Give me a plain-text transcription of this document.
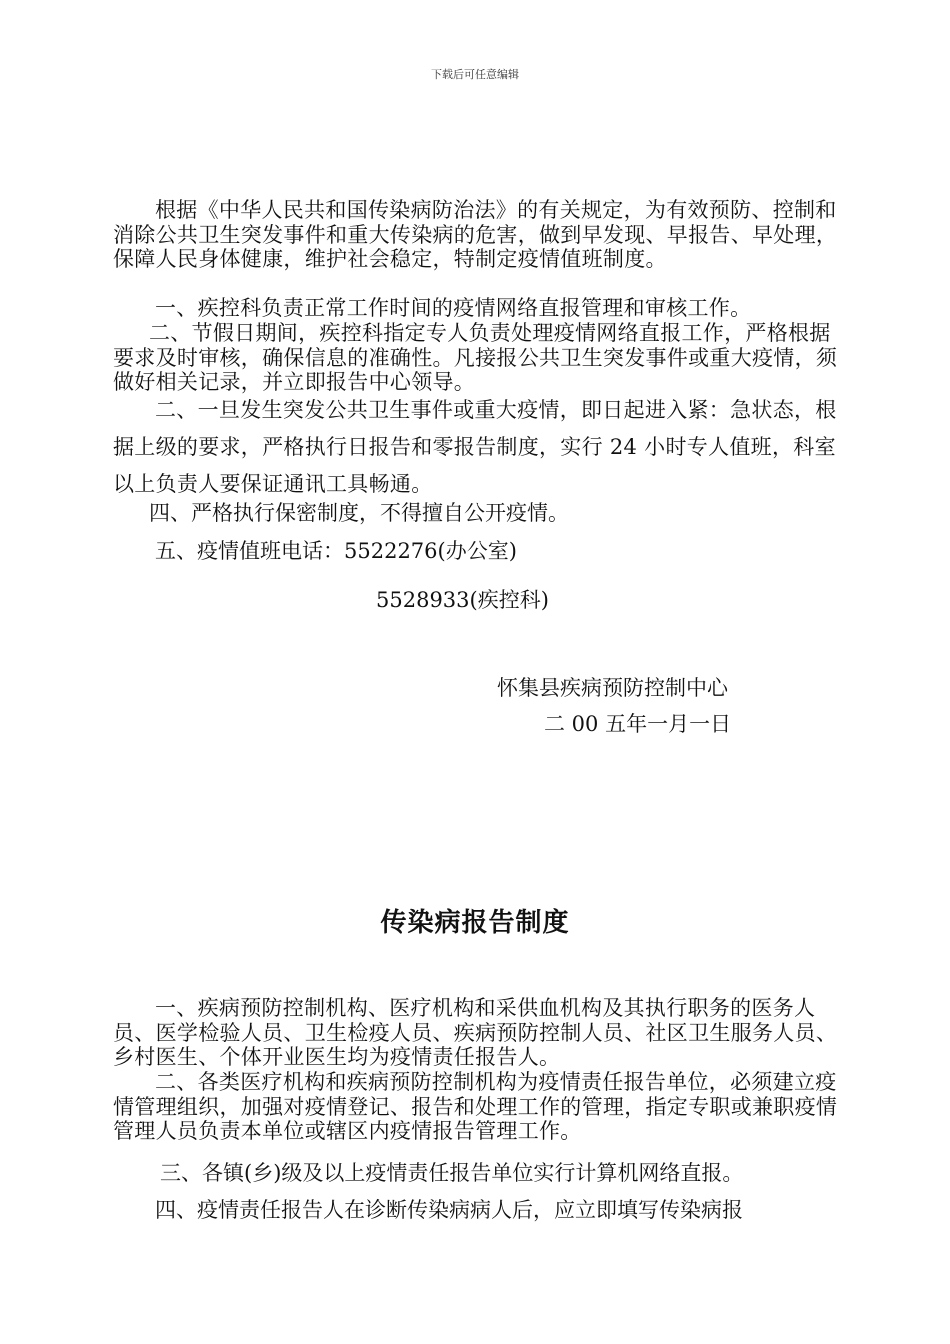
下载后可任意编辑

根据《中华人民共和国传染病防治法》的有关规定，为有效预防、控制和消除公共卫生突发事件和重大传染病的危害，做到早发现、早报告、早处理，保障人民身体健康，维护社会稳定，特制定疫情值班制度。

一、疾控科负责正常工作时间的疫情网络直报管理和审核工作。

二、节假日期间，疾控科指定专人负责处理疫情网络直报工作，严格根据要求及时审核，确保信息的准确性。凡接报公共卫生突发事件或重大疫情，须做好相关记录，并立即报告中心领导。

二、一旦发生突发公共卫生事件或重大疫情，即日起进入紧：急状态，根据上级的要求，严格执行日报告和零报告制度，实行 24 小时专人值班，科室以上负责人要保证通讯工具畅通。

四、严格执行保密制度，不得擅自公开疫情。

五、疫情值班电话：5522276(办公室)

5528933(疾控科)

怀集县疾病预防控制中心

二 00 五年一月一日

传染病报告制度

一、疾病预防控制机构、医疗机构和采供血机构及其执行职务的医务人员、医学检验人员、卫生检疫人员、疾病预防控制人员、社区卫生服务人员、乡村医生、个体开业医生均为疫情责任报告人。

二、各类医疗机构和疾病预防控制机构为疫情责任报告单位，必须建立疫情管理组织，加强对疫情登记、报告和处理工作的管理，指定专职或兼职疫情管理人员负责本单位或辖区内疫情报告管理工作。

三、各镇(乡)级及以上疫情责任报告单位实行计算机网络直报。

四、疫情责任报告人在诊断传染病病人后，应立即填写传染病报
